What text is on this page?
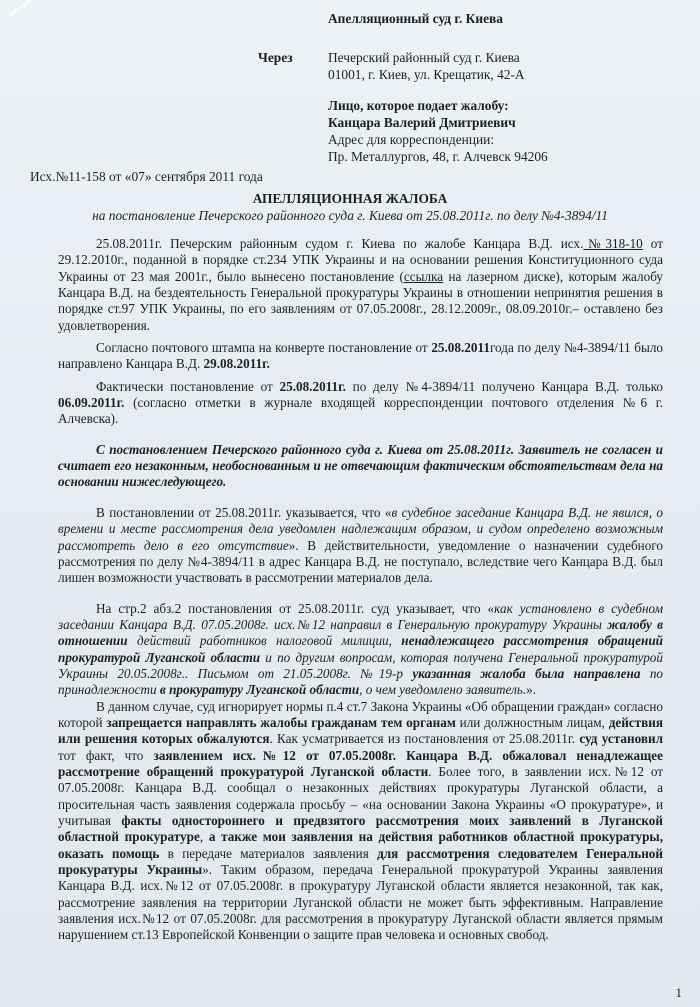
Апелляционный суд г. Киева
Через	Печерский районный суд г. Киева
01001, г. Киев, ул. Крещатик, 42-А
Лицо, которое подает жалобу:
Канцара Валерий Дмитриевич
Адрес для корреспонденции:
Пр. Металлургов, 48, г. Алчевск 94206
Исх.№11-158 от «07» сентября 2011 года
АПЕЛЛЯЦИОННАЯ ЖАЛОБА
на постановление Печерского районного суда г. Киева от 25.08.2011г. по делу №4-3894/11

25.08.2011г. Печерским районным судом г. Киева по жалобе Канцара В.Д. исх.№318-10 от 29.12.2010г., поданной в порядке ст.234 УПК Украины и на основании решения Конституционного суда Украины от 23 мая 2001г., было вынесено постановление (ссылка на лазерном диске), которым жалобу Канцара В.Д. на бездеятельность Генеральной прокуратуры Украины в отношении непринятия решения в порядке ст.97 УПК Украины, по его заявлениям от 07.05.2008г., 28.12.2009г., 08.09.2010г.– оставлено без удовлетворения.

Согласно почтового штампа на конверте постановление от 25.08.2011года по делу №4-3894/11 было направлено Канцара В.Д. 29.08.2011г.

Фактически постановление от 25.08.2011г. по делу №4-3894/11 получено Канцара В.Д. только 06.09.2011г. (согласно отметки в журнале входящей корреспонденции почтового отделения №6 г. Алчевска).

С постановлением Печерского районного суда г. Киева от 25.08.2011г. Заявитель не согласен и считает его незаконным, необоснованным и не отвечающим фактическим обстоятельствам дела на основании нижеследующего.

В постановлении от 25.08.2011г. указывается, что «в судебное заседание Канцара В.Д. не явился, о времени и месте рассмотрения дела уведомлен надлежащим образом, и судом определено возможным рассмотреть дело в его отсутствие». В действительности, уведомление о назначении судебного рассмотрения по делу №4-3894/11 в адрес Канцара В.Д. не поступало, вследствие чего Канцара В.Д. был лишен возможности участвовать в рассмотрении материалов дела.

На стр.2 абз.2 постановления от 25.08.2011г. суд указывает, что «как установлено в судебном заседании Канцара В.Д. 07.05.2008г. исх.№12 направил в Генеральную прокуратуру Украины жалобу в отношении действий работников налоговой милиции, ненадлежащего рассмотрения обращений прокуратурой Луганской области и по другим вопросам, которая получена Генеральной прокуратурой Украины 20.05.2008г.. Письмом от 21.05.2008г. №19-р указанная жалоба была направлена по принадлежности в прокуратуру Луганской области, о чем уведомлено заявитель.».

В данном случае, суд игнорирует нормы п.4 ст.7 Закона Украины «Об обращении граждан» согласно которой запрещается направлять жалобы гражданам тем органам или должностным лицам, действия или решения которых обжалуются. Как усматривается из постановления от 25.08.2011г. суд установил тот факт, что заявлением исх.№12 от 07.05.2008г. Канцара В.Д. обжаловал ненадлежащее рассмотрение обращений прокуратурой Луганской области. Более того, в заявлении исх.№12 от 07.05.2008г. Канцара В.Д. сообщал о незаконных действиях прокуратуры Луганской области, а просительная часть заявления содержала просьбу – «на основании Закона Украины «О прокуратуре», и учитывая факты одностороннего и предвзятого рассмотрения моих заявлений в Луганской областной прокуратуре, а также мои заявления на действия работников областной прокуратуры, оказать помощь в передаче материалов заявления для рассмотрения следователем Генеральной прокуратуры Украины». Таким образом, передача Генеральной прокуратурой Украины заявления Канцара В.Д. исх.№12 от 07.05.2008г. в прокуратуру Луганской области является незаконной, так как, рассмотрение заявления на территории Луганской области не может быть эффективным. Направление заявления исх.№12 от 07.05.2008г. для рассмотрения в прокуратуру Луганской области является прямым нарушением ст.13 Европейской Конвенции о защите прав человека и основных свобод.

1
